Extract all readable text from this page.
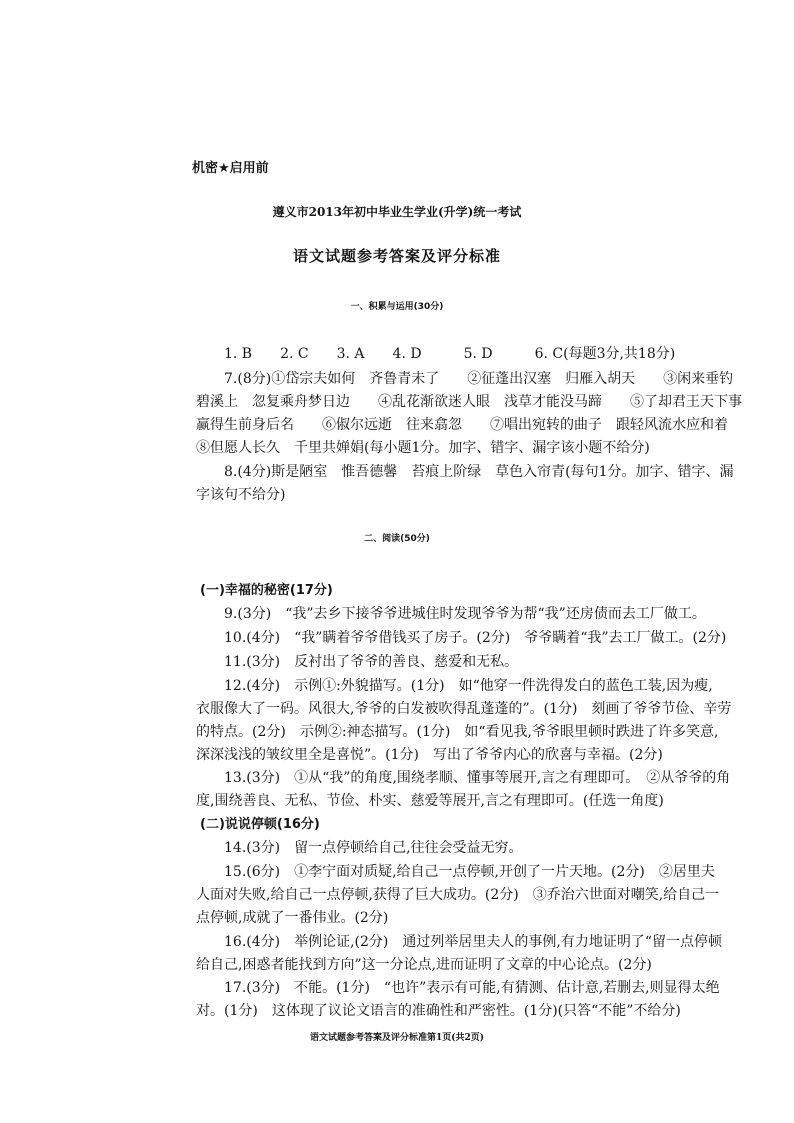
机密★启用前
遵义市2013年初中毕业生学业(升学)统一考试
语文试题参考答案及评分标准
一、积累与运用(30分)
1. B　　2. C　　3. A　　4. D　　　5. D　　　6. C(每题3分,共18分)
7.(8分)①岱宗夫如何　齐鲁青未了　　②征蓬出汉塞　归雁入胡天　　③闲来垂钓
碧溪上　忽复乘舟梦日边　　④乱花渐欲迷人眼　浅草才能没马蹄　　⑤了却君王天下事
赢得生前身后名　　⑥俶尔远逝　往来翕忽　　⑦唱出宛转的曲子　跟轻风流水应和着
⑧但愿人长久　千里共婵娟(每小题1分。加字、错字、漏字该小题不给分)
8.(4分)斯是陋室　惟吾德馨　苔痕上阶绿　草色入帘青(每句1分。加字、错字、漏
字该句不给分)
二、阅读(50分)
(一)幸福的秘密(17分)
9.(3分)　“我”去乡下接爷爷进城住时发现爷爷为帮“我”还房债而去工厂做工。
10.(4分)　“我”瞒着爷爷借钱买了房子。(2分)　爷爷瞒着“我”去工厂做工。(2分)
11.(3分)　反衬出了爷爷的善良、慈爱和无私。
12.(4分)　示例①:外貌描写。(1分)　如“他穿一件洗得发白的蓝色工装,因为瘦,
衣服像大了一码。风很大,爷爷的白发被吹得乱蓬蓬的”。(1分)　刻画了爷爷节俭、辛劳
的特点。(2分)　示例②:神态描写。(1分)　如“看见我,爷爷眼里顿时跌进了许多笑意,
深深浅浅的皱纹里全是喜悦”。(1分)　写出了爷爷内心的欣喜与幸福。(2分)
13.(3分)　①从“我”的角度,围绕孝顺、懂事等展开,言之有理即可。　②从爷爷的角
度,围绕善良、无私、节俭、朴实、慈爱等展开,言之有理即可。(任选一角度)
(二)说说停顿(16分)
14.(3分)　留一点停顿给自己,往往会受益无穷。
15.(6分)　①李宁面对质疑,给自己一点停顿,开创了一片天地。(2分)　②居里夫
人面对失败,给自己一点停顿,获得了巨大成功。(2分)　③乔治六世面对嘲笑,给自己一
点停顿,成就了一番伟业。(2分)
16.(4分)　举例论证,(2分)　通过列举居里夫人的事例,有力地证明了“留一点停顿
给自己,困惑者能找到方向”这一分论点,进而证明了文章的中心论点。(2分)
17.(3分)　不能。(1分)　“也许”表示有可能,有猜测、估计意,若删去,则显得太绝
对。(1分)　这体现了议论文语言的准确性和严密性。(1分)(只答“不能”不给分)
语文试题参考答案及评分标准第1页(共2页)
